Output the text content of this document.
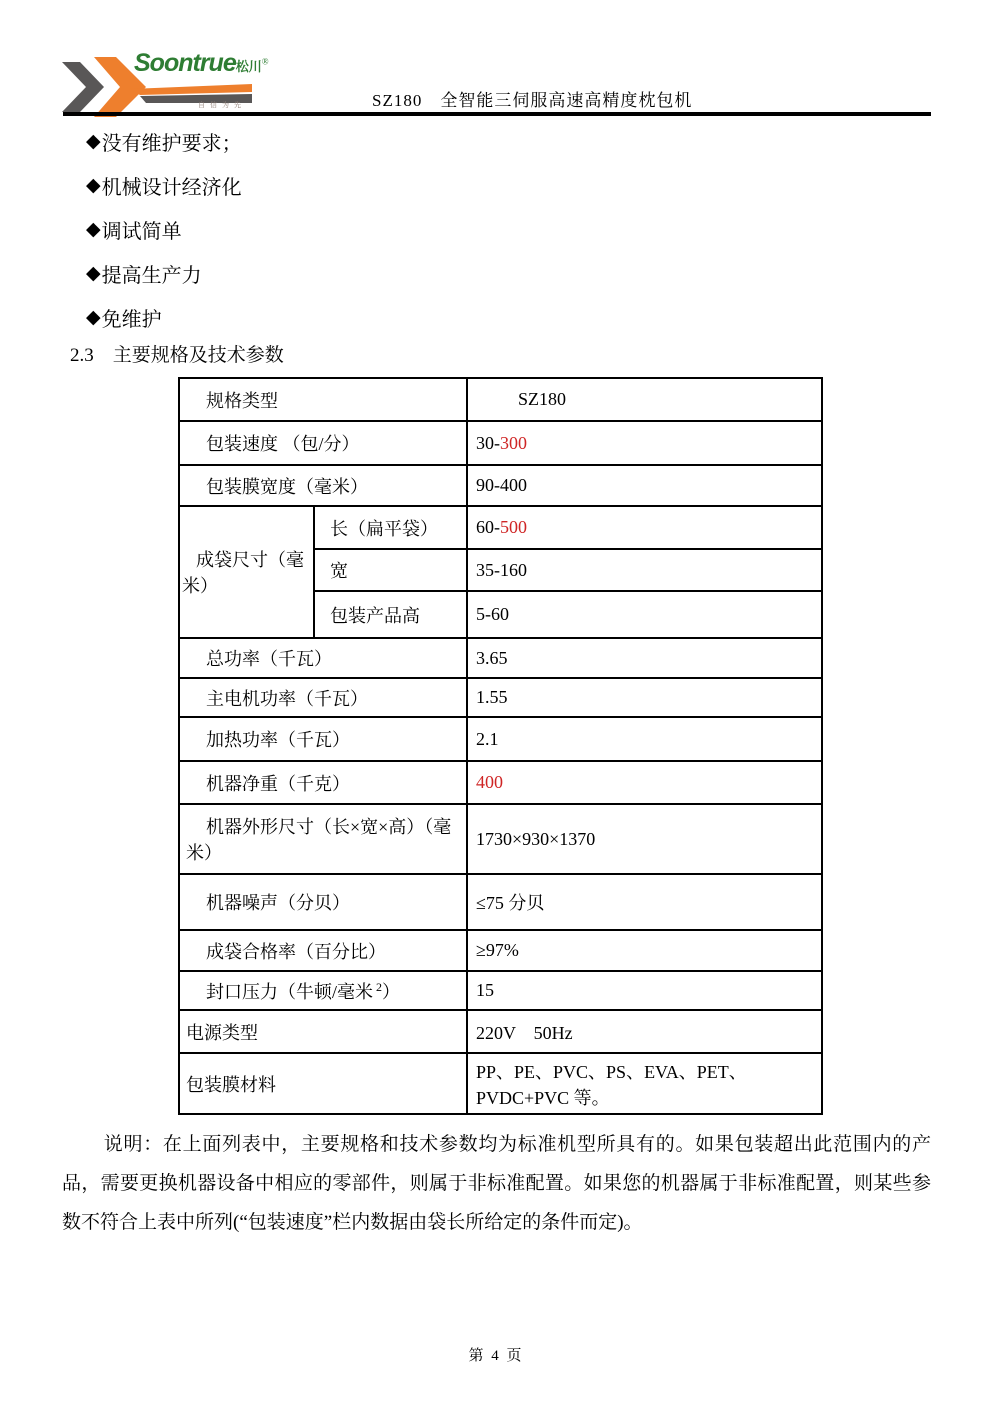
Soontrue松川®
自信为先	SZ180　全智能三伺服高速高精度枕包机
◆ 没有维护要求；
◆ 机械设计经济化
◆ 调试简单
◆ 提高生产力
◆ 免维护
2.3　主要规格及技术参数
规格类型		SZ180
包装速度 （包/分）		30-300
包装膜宽度（毫米）		90-400
成袋尺寸（毫米）	长（扁平袋）	60-500
	宽	35-160
	包装产品高	5-60
总功率（千瓦）		3.65
主电机功率（千瓦）		1.55
加热功率（千瓦）		2.1
机器净重（千克）		400
机器外形尺寸（长×宽×高）（毫米）		1730×930×1370
机器噪声（分贝）		≤75 分贝
成袋合格率（百分比）		≥97%
封口压力（牛顿/毫米 $^2$）		15
电源类型		220V　50Hz
包装膜材料		PP、PE、PVC、PS、EVA、PET、PVDC+PVC 等。

说明：在上面列表中，主要规格和技术参数均为标准机型所具有的。如果包装超出此范围内的产品，需要更换机器设备中相应的零部件，则属于非标准配置。如果您的机器属于非标准配置，则某些参数不符合上表中所列(“包装速度”栏内数据由袋长所给定的条件而定)。

第 4 页
